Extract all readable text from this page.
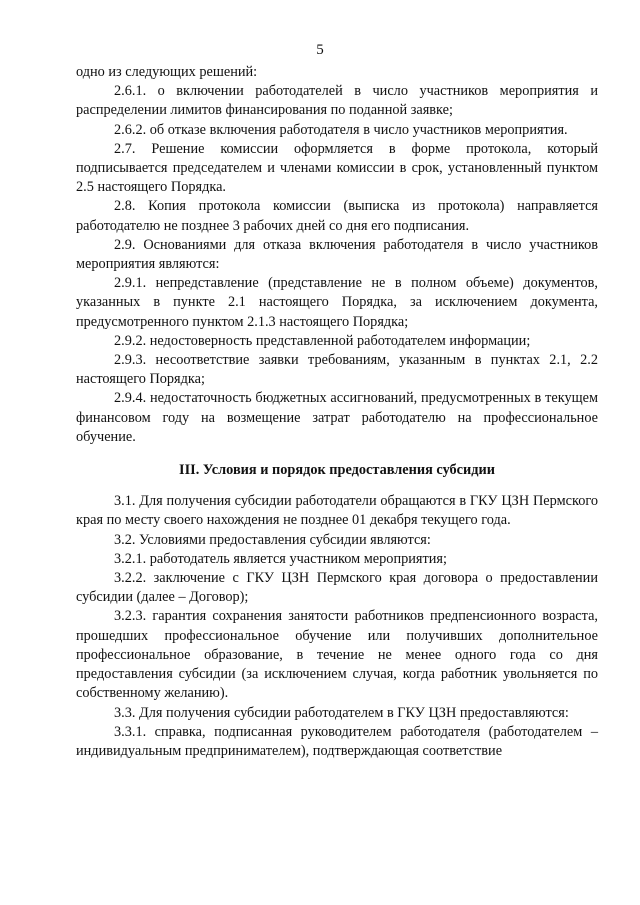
5

одно из следующих решений:

2.6.1. о включении работодателей в число участников мероприятия и распределении лимитов финансирования по поданной заявке;

2.6.2. об отказе включения работодателя в число участников мероприятия.

2.7. Решение комиссии оформляется в форме протокола, который подписывается председателем и членами комиссии в срок, установленный пунктом 2.5 настоящего Порядка.

2.8. Копия протокола комиссии (выписка из протокола) направляется работодателю не позднее 3 рабочих дней со дня его подписания.

2.9. Основаниями для отказа включения работодателя в число участников мероприятия являются:

2.9.1. непредставление (представление не в полном объеме) документов, указанных в пункте 2.1 настоящего Порядка, за исключением документа, предусмотренного пунктом 2.1.3 настоящего Порядка;

2.9.2. недостоверность представленной работодателем информации;

2.9.3. несоответствие заявки требованиям, указанным в пунктах 2.1, 2.2 настоящего Порядка;

2.9.4. недостаточность бюджетных ассигнований, предусмотренных в текущем финансовом году на возмещение затрат работодателю на профессиональное обучение.

III. Условия и порядок предоставления субсидии

3.1. Для получения субсидии работодатели обращаются в ГКУ ЦЗН Пермского края по месту своего нахождения не позднее 01 декабря текущего года.

3.2. Условиями предоставления субсидии являются:

3.2.1. работодатель является участником мероприятия;

3.2.2. заключение с ГКУ ЦЗН Пермского края договора о предоставлении субсидии (далее – Договор);

3.2.3. гарантия сохранения занятости работников предпенсионного возраста, прошедших профессиональное обучение или получивших дополнительное профессиональное образование, в течение не менее одного года со дня предоставления субсидии (за исключением случая, когда работник увольняется по собственному желанию).

3.3. Для получения субсидии работодателем в ГКУ ЦЗН предоставляются:

3.3.1. справка, подписанная руководителем работодателя (работодателем – индивидуальным предпринимателем), подтверждающая соответствие
